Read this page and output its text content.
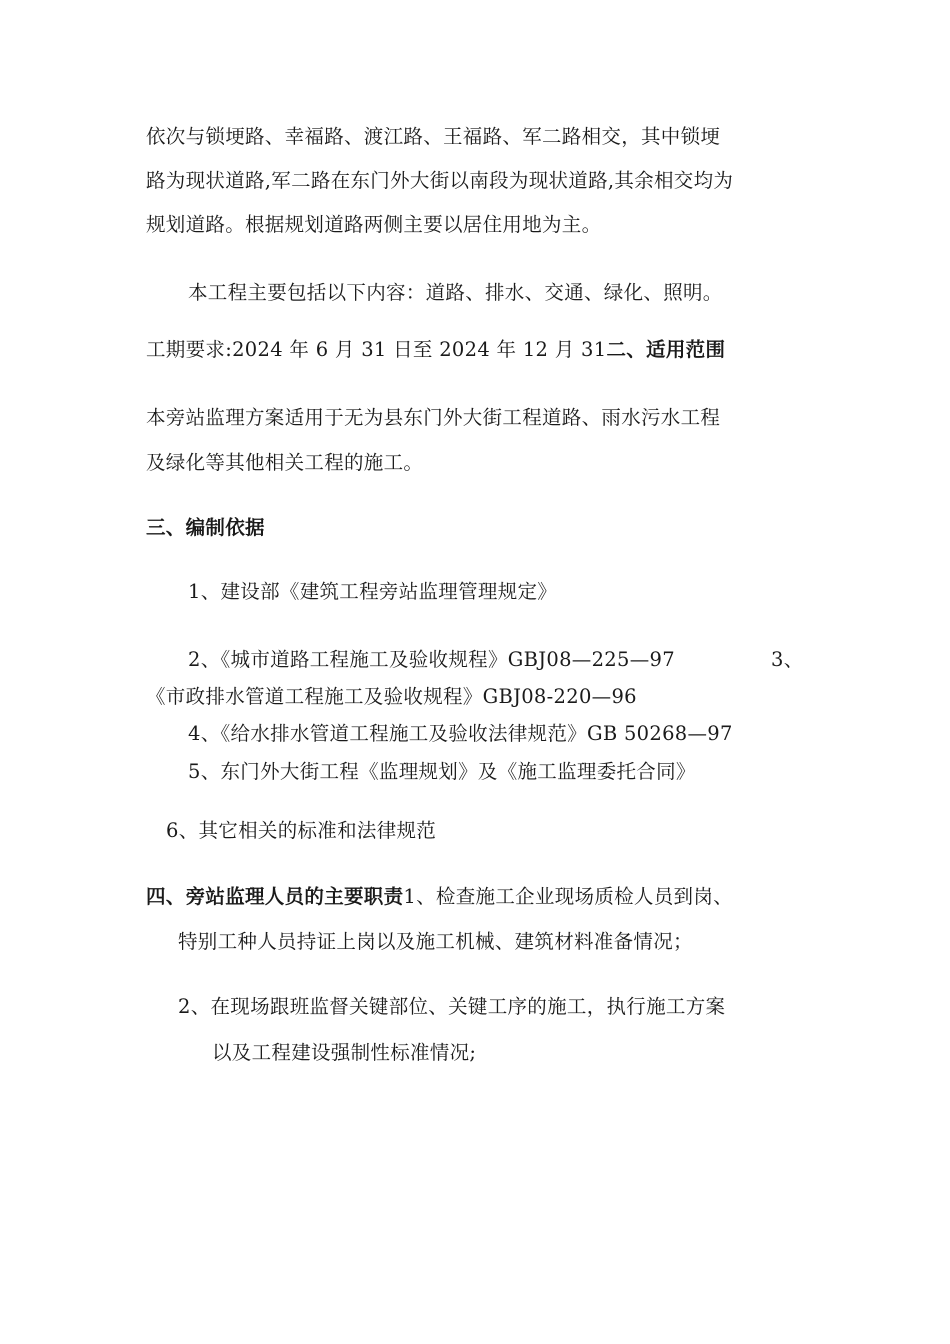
依次与锁埂路、幸福路、渡江路、王福路、军二路相交，其中锁埂
路为现状道路,军二路在东门外大街以南段为现状道路,其余相交均为
规划道路。根据规划道路两侧主要以居住用地为主。
本工程主要包括以下内容：道路、排水、交通、绿化、照明。
工期要求:2024 年 6 月 31 日至 2024 年 12 月 31二、适用范围
本旁站监理方案适用于无为县东门外大街工程道路、雨水污水工程
及绿化等其他相关工程的施工。
三、编制依据
1、建设部《建筑工程旁站监理管理规定》
2、《城市道路工程施工及验收规程》GBJ08—225—97	3、
《市政排水管道工程施工及验收规程》GBJ08-220—96
4、《给水排水管道工程施工及验收法律规范》GB 50268—97
5、东门外大街工程《监理规划》及《施工监理委托合同》
6、其它相关的标准和法律规范
四、旁站监理人员的主要职责1、检查施工企业现场质检人员到岗、
特别工种人员持证上岗以及施工机械、建筑材料准备情况；
2、在现场跟班监督关键部位、关键工序的施工，执行施工方案
以及工程建设强制性标准情况;
